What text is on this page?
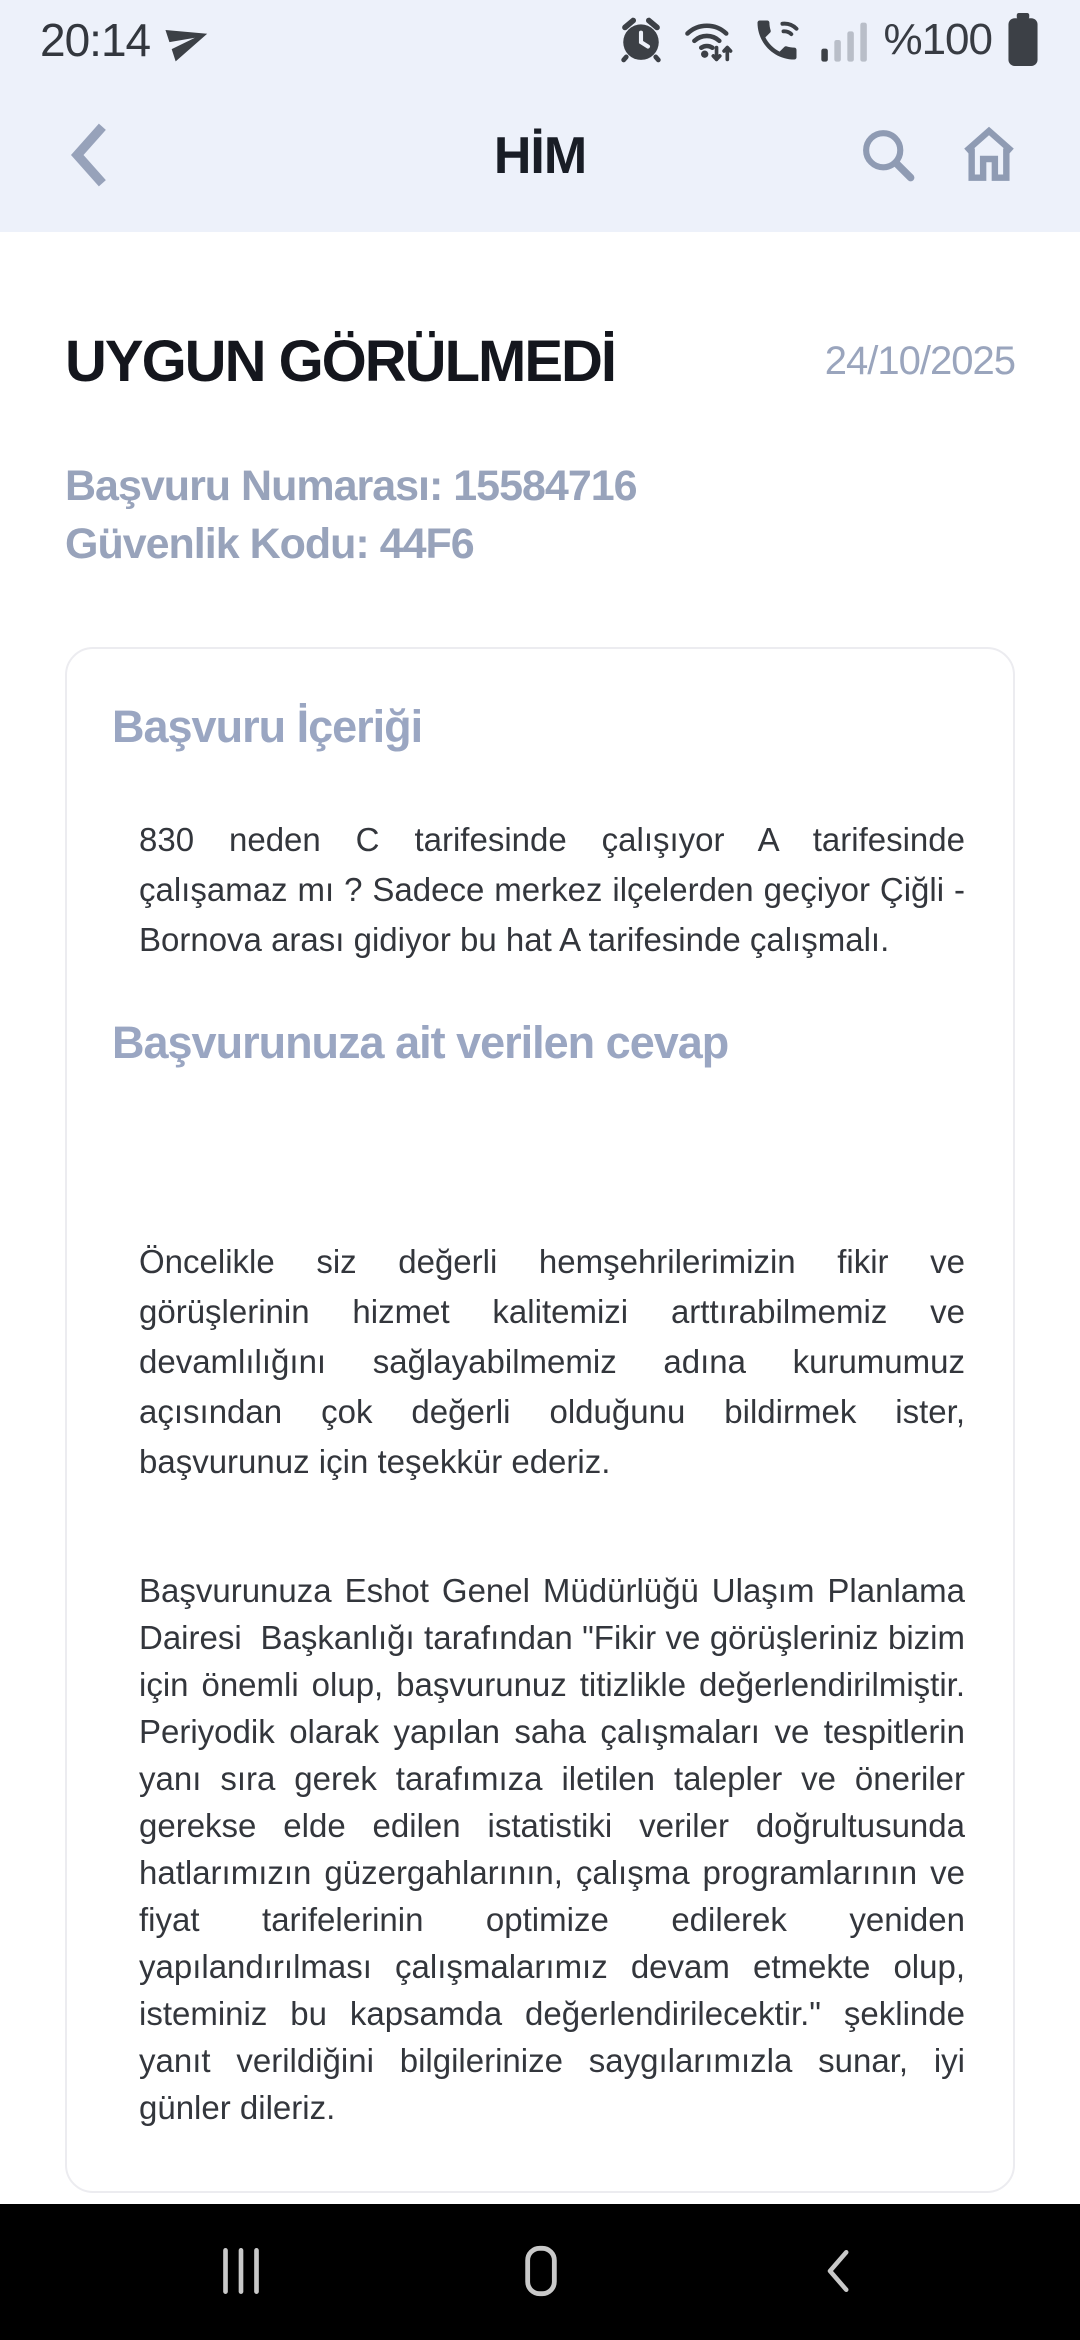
20:14	%100
HİM
UYGUN GÖRÜLMEDİ	24/10/2025
Başvuru Numarası: 15584716
Güvenlik Kodu: 44F6
Başvuru İçeriği
830 neden C tarifesinde çalışıyor A tarifesinde çalışamaz mı ? Sadece merkez ilçelerden geçiyor Çiğli - Bornova arası gidiyor bu hat A tarifesinde çalışmalı.
Başvurunuza ait verilen cevap
Öncelikle siz değerli hemşehrilerimizin fikir ve görüşlerinin hizmet kalitemizi arttırabilmemiz ve devamlılığını sağlayabilmemiz adına kurumumuz açısından çok değerli olduğunu bildirmek ister, başvurunuz için teşekkür ederiz.
Başvurunuza Eshot Genel Müdürlüğü Ulaşım Planlama Dairesi  Başkanlığı tarafından "Fikir ve görüşleriniz bizim için önemli olup, başvurunuz titizlikle değerlendirilmiştir. Periyodik olarak yapılan saha çalışmaları ve tespitlerin yanı sıra gerek tarafımıza iletilen talepler ve öneriler gerekse elde edilen istatistiki veriler doğrultusunda hatlarımızın güzergahlarının, çalışma programlarının ve fiyat tarifelerinin optimize edilerek yeniden yapılandırılması çalışmalarımız devam etmekte olup, isteminiz bu kapsamda değerlendirilecektir." şeklinde yanıt verildiğini bilgilerinize saygılarımızla sunar, iyi günler dileriz.
